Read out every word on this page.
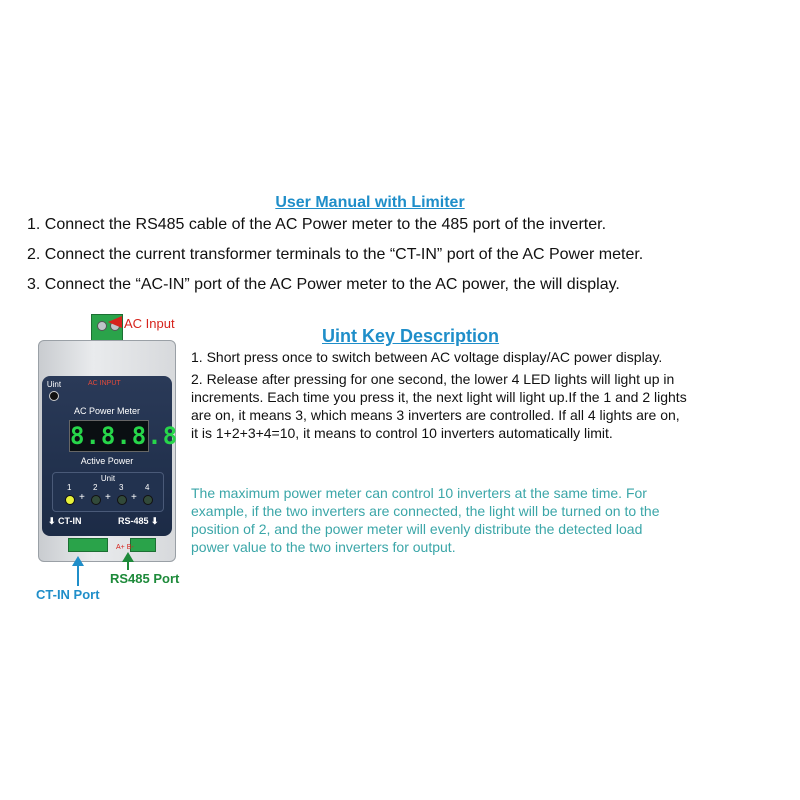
User Manual with Limiter
1. Connect the RS485 cable of the AC Power meter to the 485 port of the inverter.
2. Connect the current transformer terminals to the “CT-IN” port of the AC Power meter.
3. Connect the “AC-IN” port of the AC Power meter to the AC power, the will display.
Uint Key Description
1. Short press once to switch between AC voltage display/AC power display.
2. Release after pressing for one second, the lower 4 LED lights will light up in
increments. Each time you press it, the next light will light up.If the 1 and 2 lights
are on, it means 3, which means 3 inverters are controlled. If all 4 lights are on,
it is 1+2+3+4=10, it means to control 10 inverters automatically limit.
The maximum power meter can control 10 inverters at the same time. For
example, if the two inverters are connected, the light will be turned on to the
position of 2, and the power meter will evenly distribute the detected load
power value to the two inverters for output.
Uint	AC INPUT
AC Power Meter
8.8.8.8
Active Power
Unit
1	2	3	4
+ + +
⬇ CT-IN	RS-485 ⬇
A+ B-
AC Input
RS485 Port
CT-IN Port
